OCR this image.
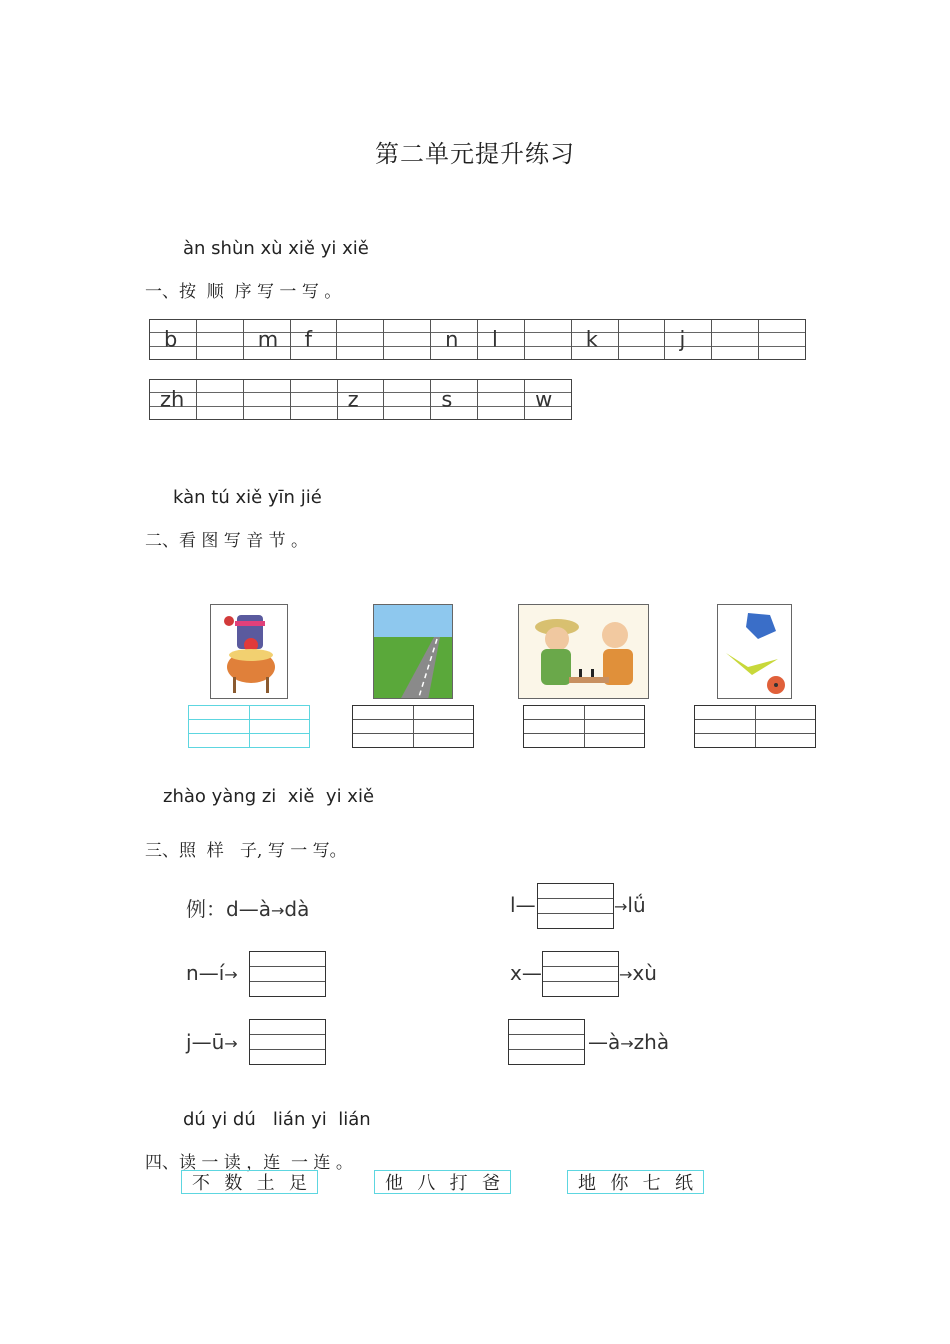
第二单元提升练习
àn shùn xù xiě yi xiě
一、按  顺  序 写 一 写 。
b	m	f	n	l	k	j
zh	z	s	w
kàn tú xiě yīn jié
二、看 图 写 音 节 。
zhào yàng zi  xiě  yi xiě
三、照  样   子, 写 一 写。
例：d—à→dà
n—í→
j—ū→
l—	→lǘ
x—	→xù
—à→zhà
dú yi dú   lián yi  lián
四、读 一 读 ，连  一 连 。
不 数 土 足	他 八 打 爸	地 你 七 纸
